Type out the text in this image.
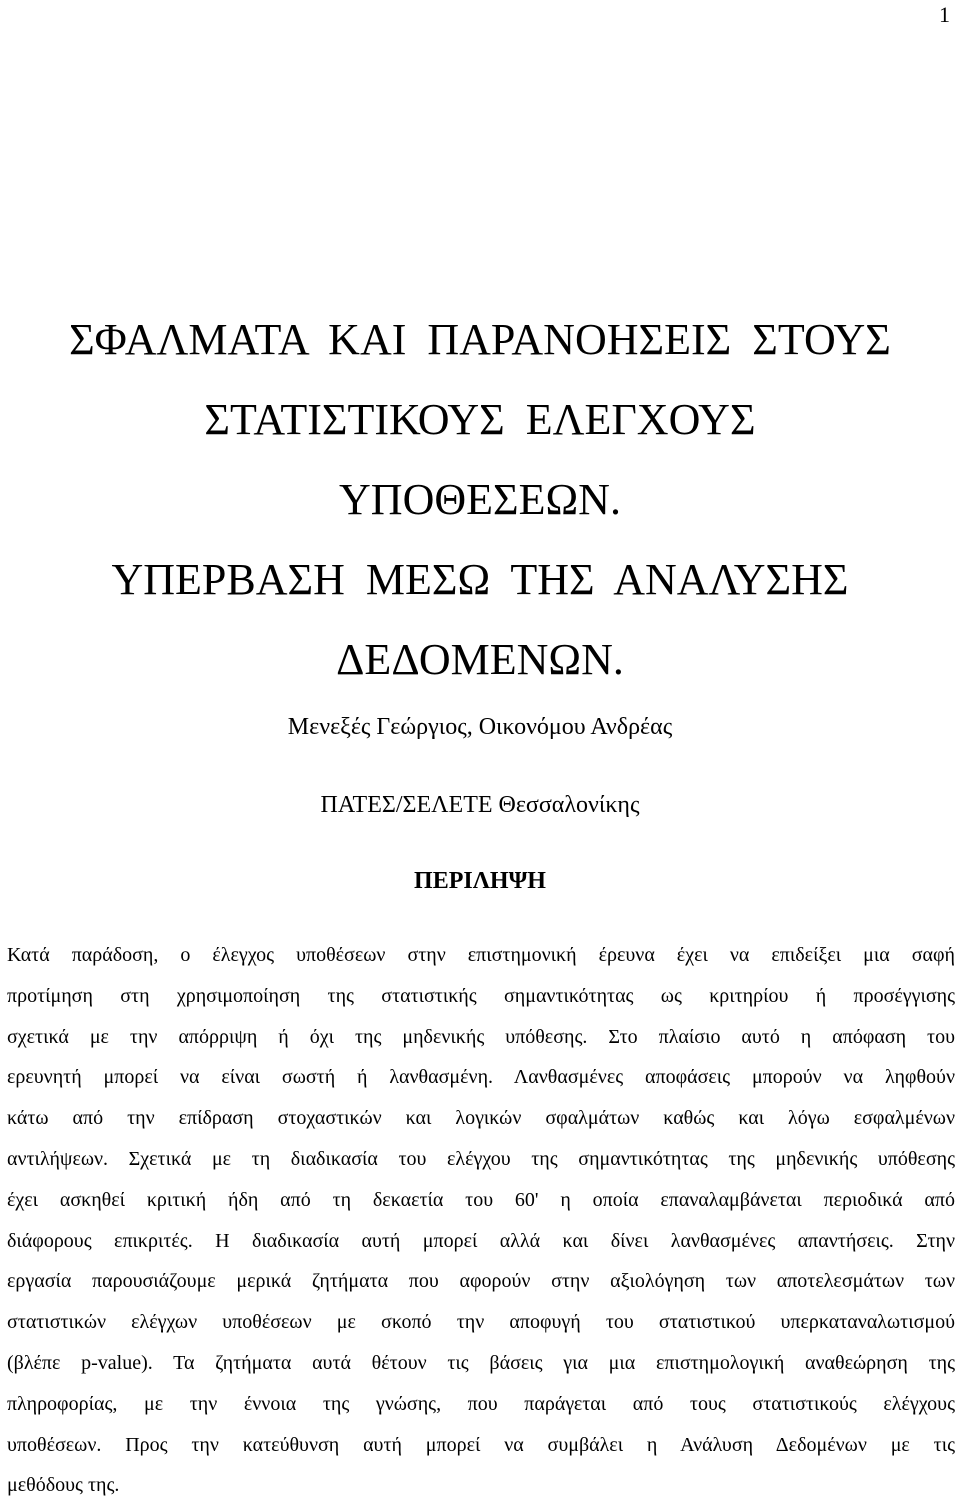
1
ΣΦΑΛΜΑΤΑ ΚΑΙ ΠΑΡΑΝΟΗΣΕΙΣ ΣΤΟΥΣ
ΣΤΑΤΙΣΤΙΚΟΥΣ ΕΛΕΓΧΟΥΣ
ΥΠΟΘΕΣΕΩΝ.
ΥΠΕΡΒΑΣΗ ΜΕΣΩ ΤΗΣ ΑΝΑΛΥΣΗΣ
ΔΕΔΟΜΕΝΩΝ.

Μενεξές Γεώργιος, Οικονόμου Ανδρέας

ΠΑΤΕΣ/ΣΕΛΕΤΕ Θεσσαλονίκης

ΠΕΡΙΛΗΨΗ

Κατά παράδοση, ο έλεγχος υποθέσεων στην επιστημονική έρευνα έχει να επιδείξει μια σαφή
προτίμηση στη χρησιμοποίηση της στατιστικής σημαντικότητας ως κριτηρίου ή προσέγγισης
σχετικά με την απόρριψη ή όχι της μηδενικής υπόθεσης. Στο πλαίσιο αυτό η απόφαση του
ερευνητή μπορεί να είναι σωστή ή λανθασμένη. Λανθασμένες αποφάσεις μπορούν να ληφθούν
κάτω από την επίδραση στοχαστικών και λογικών σφαλμάτων καθώς και λόγω εσφαλμένων
αντιλήψεων. Σχετικά με τη διαδικασία του ελέγχου της σημαντικότητας της μηδενικής υπόθεσης
έχει ασκηθεί κριτική ήδη από τη δεκαετία του 60' η οποία επαναλαμβάνεται περιοδικά από
διάφορους επικριτές. Η διαδικασία αυτή μπορεί αλλά και δίνει λανθασμένες απαντήσεις. Στην
εργασία παρουσιάζουμε μερικά ζητήματα που αφορούν στην αξιολόγηση των αποτελεσμάτων των
στατιστικών ελέγχων υποθέσεων με σκοπό την αποφυγή του στατιστικού υπερκαταναλωτισμού
(βλέπε p-value). Τα ζητήματα αυτά θέτουν τις βάσεις για μια επιστημολογική αναθεώρηση της
πληροφορίας, με την έννοια της γνώσης, που παράγεται από τους στατιστικούς ελέγχους
υποθέσεων. Προς την κατεύθυνση αυτή μπορεί να συμβάλει η Ανάλυση Δεδομένων με τις
μεθόδους της.
